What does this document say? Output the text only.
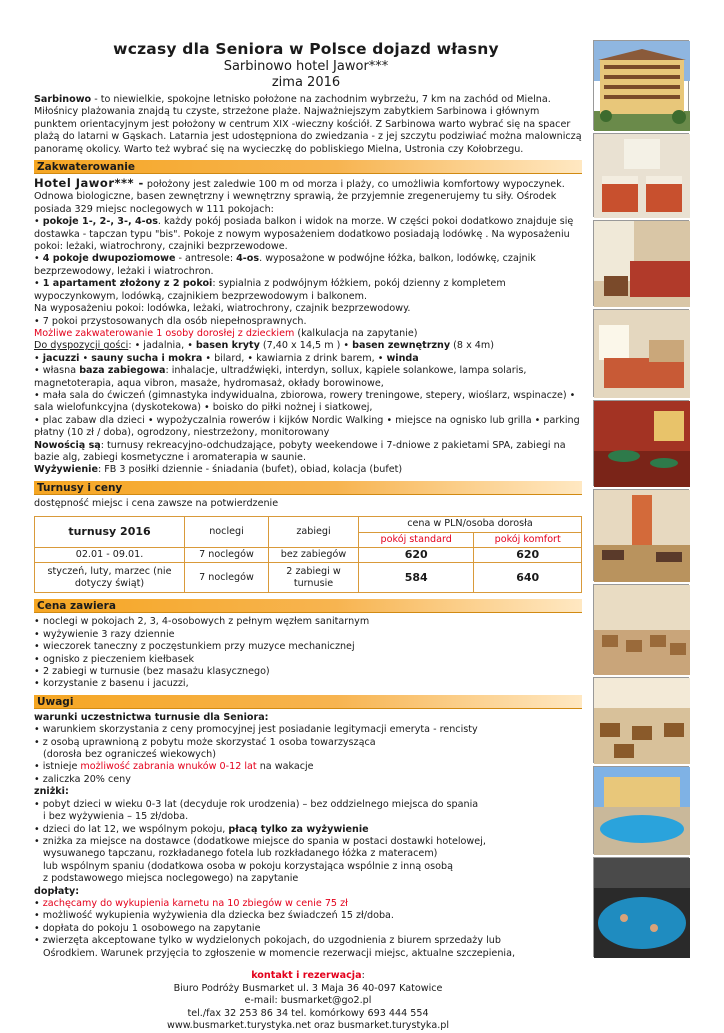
wczasy dla Seniora w Polsce dojazd własny
Sarbinowo hotel Jawor***
zima 2016

Sarbinowo - to niewielkie, spokojne letnisko położone na zachodnim wybrzeżu, 7 km na zachód od Mielna. Miłośnicy plażowania znajdą tu czyste, strzeżone plaże. Najważniejszym zabytkiem Sarbinowa i głównym punktem orientacyjnym jest położony w centrum XIX -wieczny kościół. Z Sarbinowa warto wybrać się na spacer plażą do latarni w Gąskach. Latarnia jest udostępniona do zwiedzania - z jej szczytu podziwiać można malowniczą panoramę okolicy. Warto też wybrać się na wycieczkę do pobliskiego Mielna, Ustronia czy Kołobrzegu.

Zakwaterowanie

Hotel Jawor*** - położony jest zaledwie 100 m od morza i plaży, co umożliwia komfortowy wypoczynek. Odnowa biologiczne, basen zewnętrzny i wewnętrzny sprawią, że przyjemnie zregenerujemy tu siły. Ośrodek posiada 329 miejsc noclegowych w 111 pokojach:

• pokoje 1-, 2-, 3-, 4-os. każdy pokój posiada balkon i widok na morze. W części pokoi dodatkowo znajduje się dostawka - tapczan typu "bis". Pokoje z nowym wyposażeniem dodatkowo posiadają lodówkę . Na wyposażeniu pokoi: leżaki, wiatrochrony, czajniki bezprzewodowe.

• 4 pokoje dwupoziomowe - antresole: 4-os. wyposażone w podwójne łóżka, balkon, lodówkę, czajnik bezprzewodowy, leżaki i wiatrochron.

• 1 apartament złożony z 2 pokoi: sypialnia z podwójnym łóżkiem, pokój dzienny z kompletem wypoczynkowym, lodówką, czajnikiem bezprzewodowym i balkonem.

Na wyposażeniu pokoi: lodówka, leżaki, wiatrochrony, czajnik bezprzewodowy.

• 7 pokoi przystosowanych dla osób niepełnosprawnych.

Możliwe zakwaterowanie 1 osoby dorosłej z dzieckiem (kalkulacja na zapytanie)

Do dyspozycji gości: • jadalnia, • basen kryty (7,40 x 14,5 m ) • basen zewnętrzny (8 x 4m)

• jacuzzi • sauny sucha i mokra • bilard, • kawiarnia z drink barem, • winda

• własna baza zabiegowa: inhalacje, ultradźwięki, interdyn, sollux, kąpiele solankowe, lampa solaris, magnetoterapia, aqua vibron, masaże, hydromasaż, okłady borowinowe,

• mała sala do ćwiczeń (gimnastyka indywidualna, zbiorowa, rowery treningowe, stepery, wioślarz, wspinacze) • sala wielofunkcyjna (dyskotekowa) • boisko do piłki nożnej i siatkowej,

• plac zabaw dla dzieci • wypożyczalnia rowerów i kijków Nordic Walking • miejsce na ognisko lub grilla • parking płatny (10 zł / doba), ogrodzony, niestrzeżony, monitorowany

Nowością są: turnusy rekreacyjno-odchudzające, pobyty weekendowe i 7-dniowe z pakietami SPA, zabiegi na bazie alg, zabiegi kosmetyczne i aromaterapia w saunie.

Wyżywienie: FB 3 posiłki dziennie - śniadania (bufet), obiad, kolacja (bufet)

Turnusy i ceny

dostępność miejsc i cena zawsze na potwierdzenie

turnusy 2016	noclegi	zabiegi	cena w PLN/osoba dorosła	
			pokój standard	pokój komfort
02.01 - 09.01.	7 noclegów	bez zabiegów	620	620
styczeń, luty, marzec (nie dotyczy świąt)	7 noclegów	2 zabiegi w turnusie	584	640
Cena zawiera
• noclegi w pokojach 2, 3, 4-osobowych z pełnym węzłem sanitarnym
• wyżywienie 3 razy dziennie
• wieczorek taneczny z poczęstunkiem przy muzyce mechanicznej
• ognisko z pieczeniem kiełbasek
• 2 zabiegi w turnusie (bez masażu klasycznego)
• korzystanie z basenu i jacuzzi,
Uwagi

warunki uczestnictwa turnusie dla Seniora:

• warunkiem skorzystania z ceny promocyjnej jest posiadanie legitymacji emeryta - rencisty

• z osobą uprawnioną z pobytu może skorzystać 1 osoba towarzysząca

(dorosła bez ogranicześ wiekowych)

• istnieje możliwość zabrania wnuków 0-12 lat na wakacje

• zaliczka 20% ceny

zniżki:

• pobyt dzieci w wieku 0-3 lat (decyduje rok urodzenia) – bez oddzielnego miejsca do spania

i bez wyżywienia – 15 zł/doba.

• dzieci do lat 12, we wspólnym pokoju, płacą tylko za wyżywienie

• zniżka za miejsce na dostawce (dodatkowe miejsce do spania w postaci dostawki hotelowej,

wysuwanego tapczanu, rozkładanego fotela lub rozkładanego łóżka z materacem)

lub wspólnym spaniu (dodatkowa osoba w pokoju korzystająca wspólnie z inną osobą

z podstawowego miejsca noclegowego) na zapytanie

dopłaty:

• zachęcamy do wykupienia karnetu na 10 zbiegów w cenie 75 zł

• możliwość wykupienia wyżywienia dla dziecka bez świadczeń 15 zł/doba.

• dopłata do pokoju 1 osobowego na zapytanie

• zwierzęta akceptowane tylko w wydzielonych pokojach, do uzgodnienia z biurem sprzedaży lub

Ośrodkiem. Warunek przyjęcia to zgłoszenie w momencie rezerwacji miejsc, aktualne szczepienia,

kontakt i rezerwacja:
Biuro Podróży Busmarket ul. 3 Maja 36 40-097 Katowice
e-mail: busmarket@go2.pl
tel./fax 32 253 86 34 tel. komórkowy 693 444 554
www.busmarket.turystyka.net oraz busmarket.turystyka.pl
